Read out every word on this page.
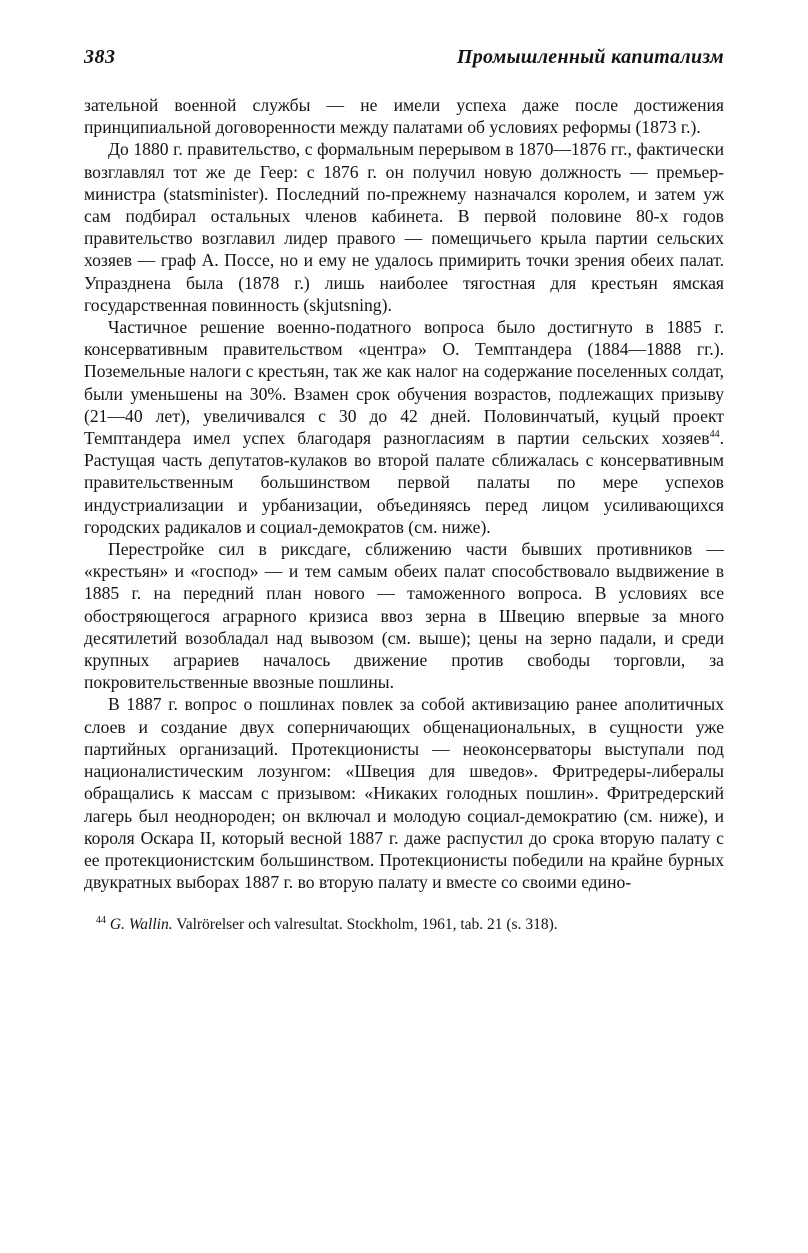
383	Промышленный капитализм

зательной военной службы — не имели успеха даже после достижения принципиальной договоренности между палатами об условиях реформы (1873 г.).

До 1880 г. правительство, с формальным перерывом в 1870—1876 гг., фактически возглавлял тот же де Геер: с 1876 г. он получил новую должность — премьер-министра (statsminister). Последний по-прежнему назначался королем, и затем уж сам подбирал остальных членов кабинета. В первой половине 80-х годов правительство возглавил лидер правого — помещичьего крыла партии сельских хозяев — граф А. Поссе, но и ему не удалось примирить точки зрения обеих палат. Упразднена была (1878 г.) лишь наиболее тягостная для крестьян ямская государственная повинность (skjutsning).

Частичное решение военно-податного вопроса было достигнуто в 1885 г. консервативным правительством «центра» О. Темптандера (1884—1888 гг.). Поземельные налоги с крестьян, так же как налог на содержание поселенных солдат, были уменьшены на 30%. Взамен срок обучения возрастов, подлежащих призыву (21—40 лет), увеличивался с 30 до 42 дней. Половинчатый, куцый проект Темптандера имел успех благодаря разногласиям в партии сельских хозяев$^{44}$. Растущая часть депутатов-кулаков во второй палате сближалась с консервативным правительственным большинством первой палаты по мере успехов индустриализации и урбанизации, объединяясь перед лицом усиливающихся городских радикалов и социал-демократов (см. ниже).

Перестройке сил в риксдаге, сближению части бывших противников — «крестьян» и «господ» — и тем самым обеих палат способствовало выдвижение в 1885 г. на передний план нового — таможенного вопроса. В условиях все обостряющегося аграрного кризиса ввоз зерна в Швецию впервые за много десятилетий возобладал над вывозом (см. выше); цены на зерно падали, и среди крупных аграриев началось движение против свободы торговли, за покровительственные ввозные пошлины.

В 1887 г. вопрос о пошлинах повлек за собой активизацию ранее аполитичных слоев и создание двух соперничающих общенациональных, в сущности уже партийных организаций. Протекционисты — неоконсерваторы выступали под националистическим лозунгом: «Швеция для шведов». Фритредеры-либералы обращались к массам с призывом: «Никаких голодных пошлин». Фритредерский лагерь был неоднороден; он включал и молодую социал-демократию (см. ниже), и короля Оскара II, который весной 1887 г. даже распустил до срока вторую палату с ее протекционистским большинством. Протекционисты победили на крайне бурных двукратных выборах 1887 г. во вторую палату и вместе со своими едино-

$^{44}$ G. Wallin. Valrörelser och valresultat. Stockholm, 1961, tab. 21 (s. 318).
